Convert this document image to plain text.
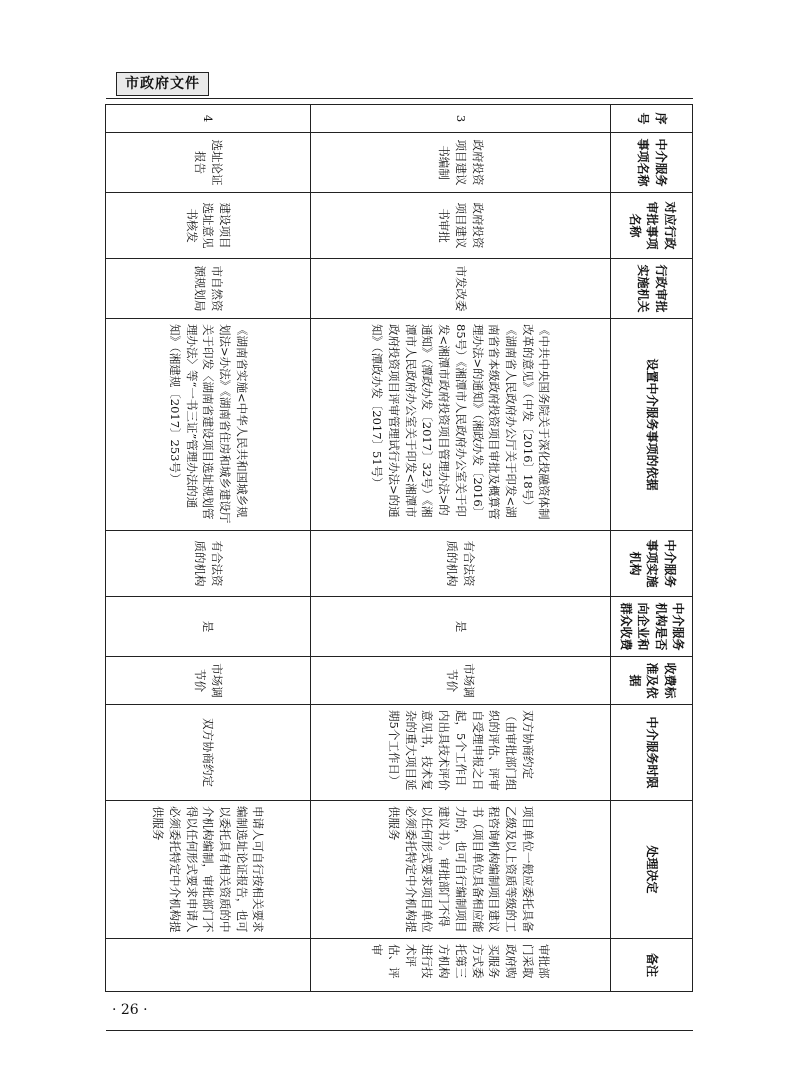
市政府文件
序号	中介服务事项名称	对应行政审批事项名称	行政审批实施机关	设置中介服务事项的依据	中介服务事项实施机构	中介服务机构是否向企业和群众收费	收费标准及依据	中介服务时限	处理决定	备注
3	政府投资项目建议书编制	政府投资项目建议书审批	市发改委	《中共中央国务院关于深化投融资体制改革的意见》（中发〔2016〕18号）《湖南省人民政府办公厅关于印发<湖南省省本级政府投资项目审批及概算管理办法>的通知》（湘政办发〔2016〕85号）《湘潭市人民政府办公室关于印发<湘潭市政府投资项目管理办法>的通知》（潭政办发〔2017〕32号）《湘潭市人民政府办公室关于印发<湘潭市政府投资项目评审管理试行办法>的通知》（潭政办发〔2017〕51号）	有合法资质的机构	是	市场调节价	双方协商约定（由审批部门组织的评估、评审自受理申报之日起，5个工作日内出具技术评价意见书，技术复杂的重大项目延期5个工作日）	项目单位一般应委托具备乙级及以上资质等级的工程咨询机构编制项目建议书（项目单位具备相应能力的，也可自行编制项目建议书）。审批部门不得以任何形式要求项目单位必须委托特定中介机构提供服务	审批部门采取政府购买服务方式委托第三方机构进行技术评估、评审
4	选址论证报告	建设项目选址意见书核发	市自然资源规划局	《湖南省实施<中华人民共和国城乡规划法>办法》《湖南省住房和城乡建设厅关于印发〈湖南省建设项目选址规划管理办法〉等“一书三证”管理办法的通知》（湘建规〔2017〕253号）	有合法资质的机构	是	市场调节价	双方协商约定	申请人可自行按相关要求编制选址论证报告，也可以委托具有相关资质的中介机构编制，审批部门不得以任何形式要求申请人必须委托特定中介机构提供服务	
· 26 ·
